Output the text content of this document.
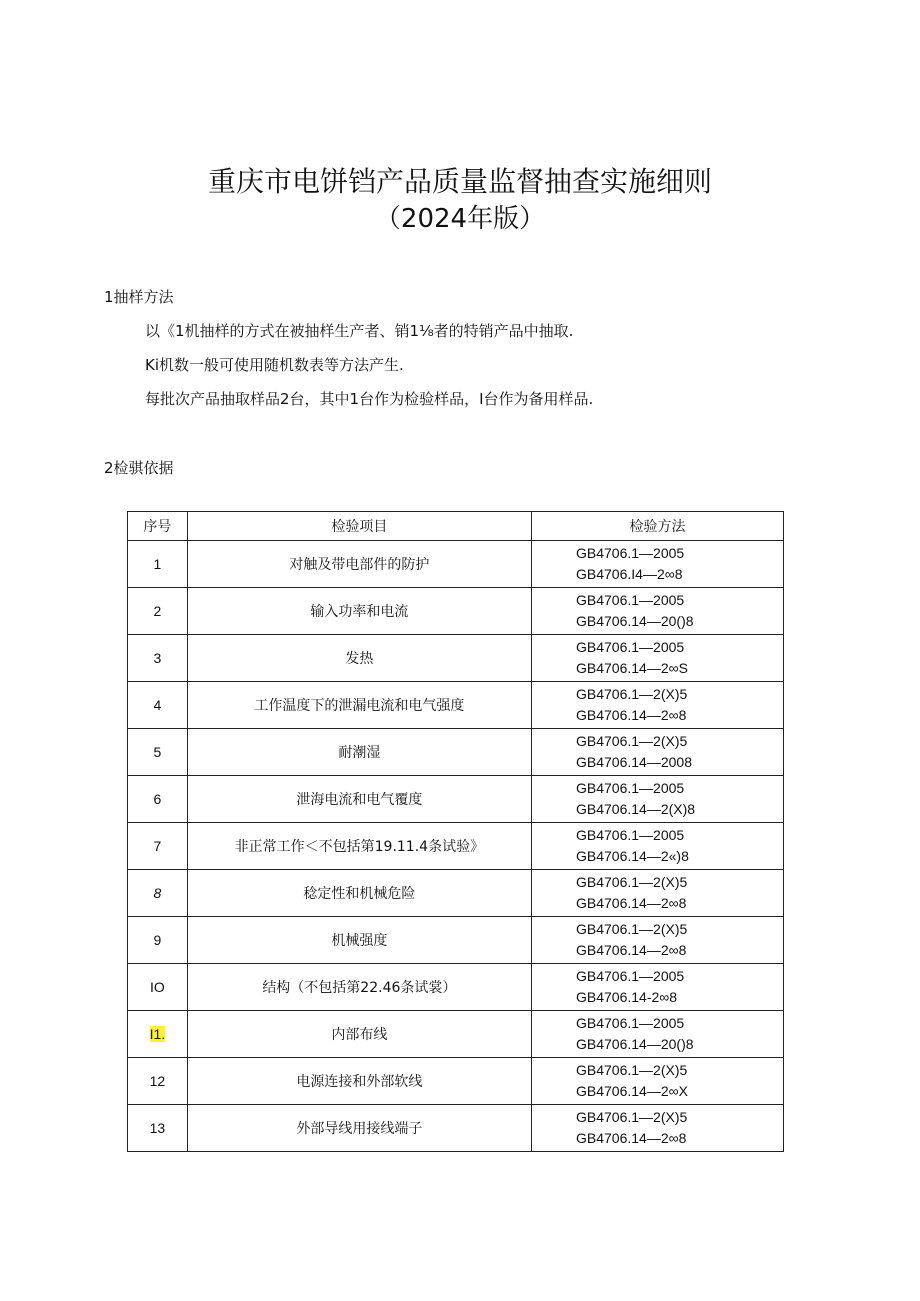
重庆市电饼铛产品质量监督抽查实施细则
（2024年版）
1抽样方法
以《1机抽样的方式在被抽样生产者、销1⅛者的特销产品中抽取.
Ki机数一般可使用随机数表等方法产生.
每批次产品抽取样品2台，其中1台作为检验样品，I台作为备用样品.
2检骐依据
序号	检验项目	检验方法
1	对触及带电部件的防护	GB4706.1—2005
GB4706.I4—2∞8

2	输入功率和电流	GB4706.1—2005
GB4706.14—20()8

3	发热	GB4706.1—2005
GB4706.14—2∞S

4	工作温度下的泄漏电流和电气强度	GB4706.1—2(X)5
GB4706.14—2∞8

5	耐潮湿	GB4706.1—2(X)5
GB4706.14—2008

6	泄海电流和电气覆度	GB4706.1—2005
GB4706.14—2(X)8

7	非正常工作＜不包括第19.11.4条试验》	GB4706.1—2005
GB4706.14—2«)8

8	稔定性和机械危险	GB4706.1—2(X)5
GB4706.14—2∞8

9	机械强度	GB4706.1—2(X)5
GB4706.14—2∞8

IO	结构（不包括第22.46条试裳）	GB4706.1—2005
GB4706.14-2∞8

I1.	内部布线	GB4706.1—2005
GB4706.14—20()8

12	电源连接和外部软线	GB4706.1—2(X)5
GB4706.14—2∞X

13	外部导线用接线端子	GB4706.1—2(X)5
GB4706.14—2∞8
